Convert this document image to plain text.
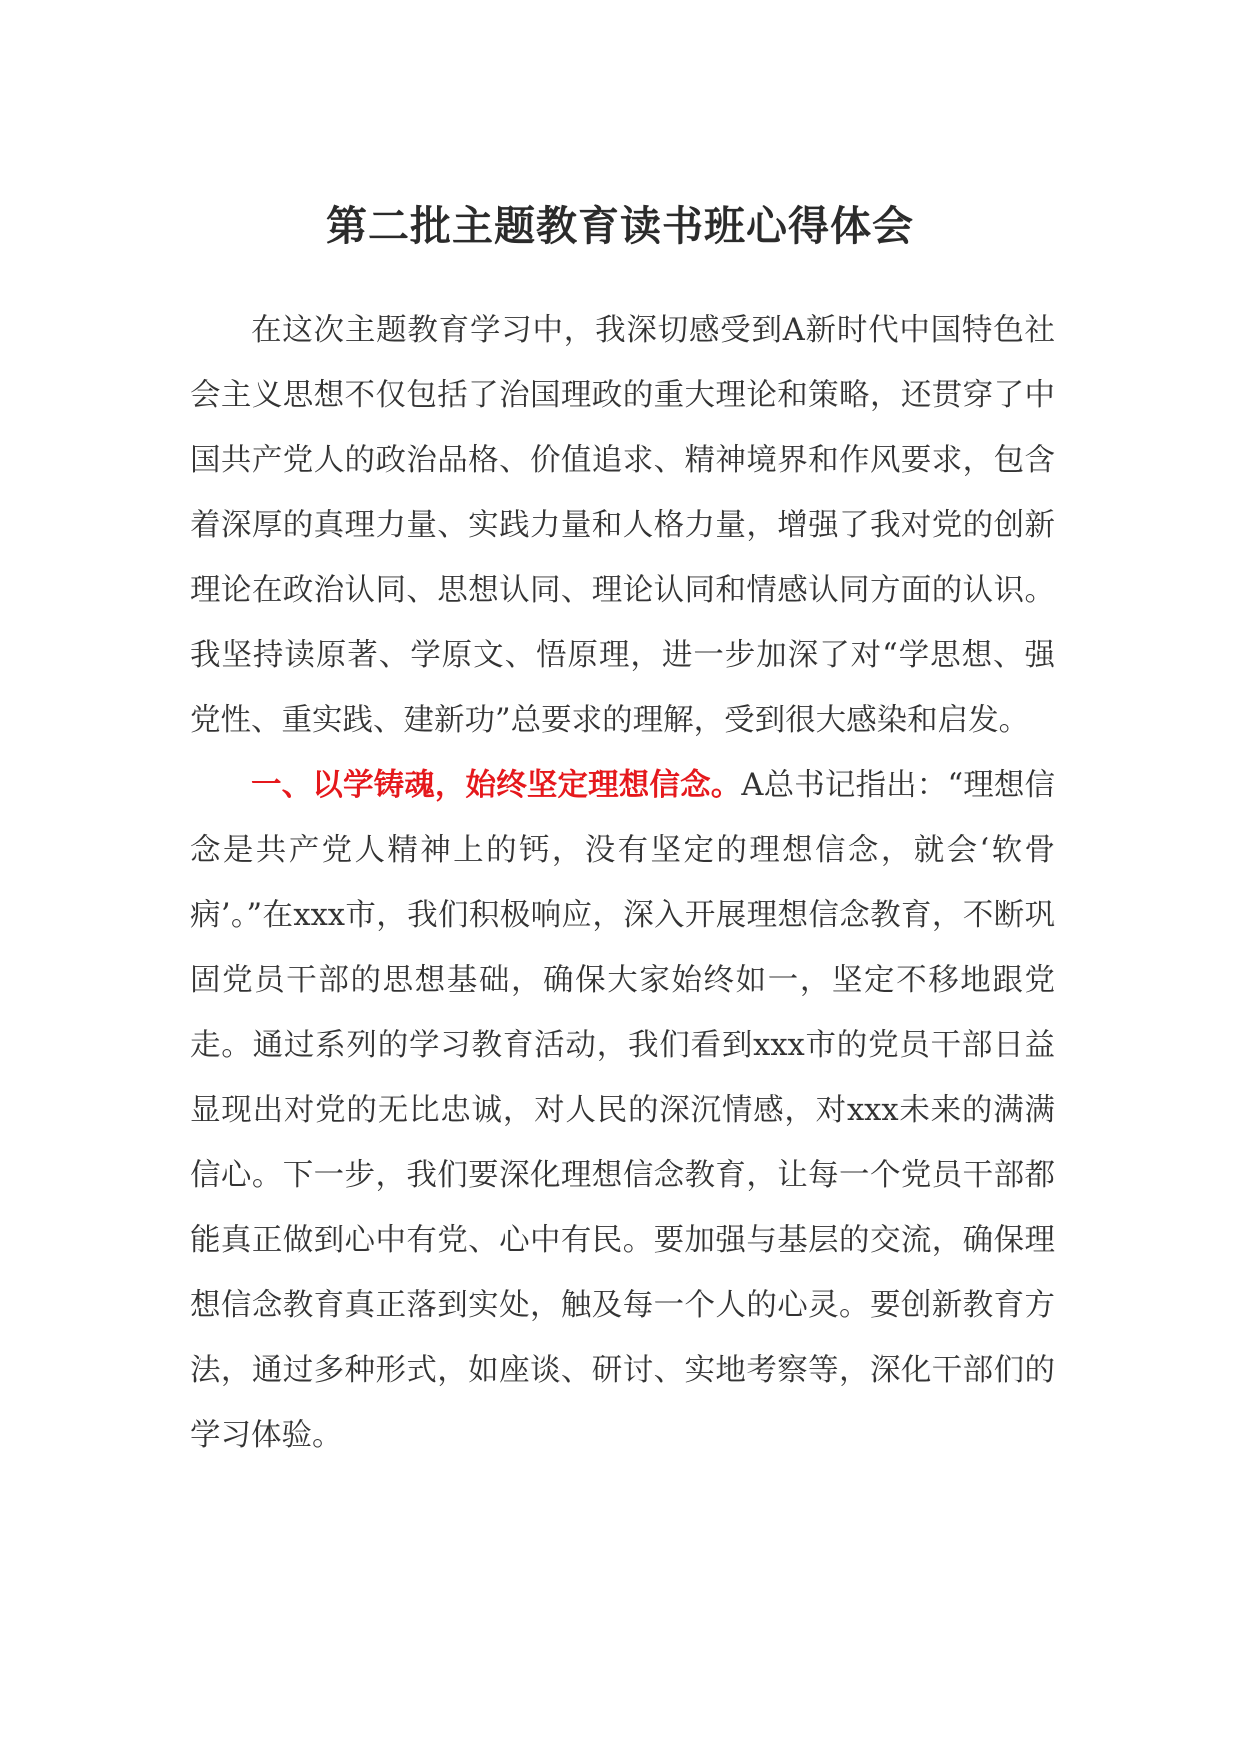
第二批主题教育读书班心得体会

在这次主题教育学习中，我深切感受到A新时代中国特色社会主义思想不仅包括了治国理政的重大理论和策略，还贯穿了中国共产党人的政治品格、价值追求、精神境界和作风要求，包含着深厚的真理力量、实践力量和人格力量，增强了我对党的创新理论在政治认同、思想认同、理论认同和情感认同方面的认识。我坚持读原著、学原文、悟原理，进一步加深了对“学思想、强党性、重实践、建新功”总要求的理解，受到很大感染和启发。

一、以学铸魂，始终坚定理想信念。A总书记指出：“理想信念是共产党人精神上的钙，没有坚定的理想信念，就会‘软骨病’。”在xxx市，我们积极响应，深入开展理想信念教育，不断巩固党员干部的思想基础，确保大家始终如一，坚定不移地跟党走。通过系列的学习教育活动，我们看到xxx市的党员干部日益显现出对党的无比忠诚，对人民的深沉情感，对xxx未来的满满信心。下一步，我们要深化理想信念教育，让每一个党员干部都能真正做到心中有党、心中有民。要加强与基层的交流，确保理想信念教育真正落到实处，触及每一个人的心灵。要创新教育方法，通过多种形式，如座谈、研讨、实地考察等，深化干部们的学习体验。
